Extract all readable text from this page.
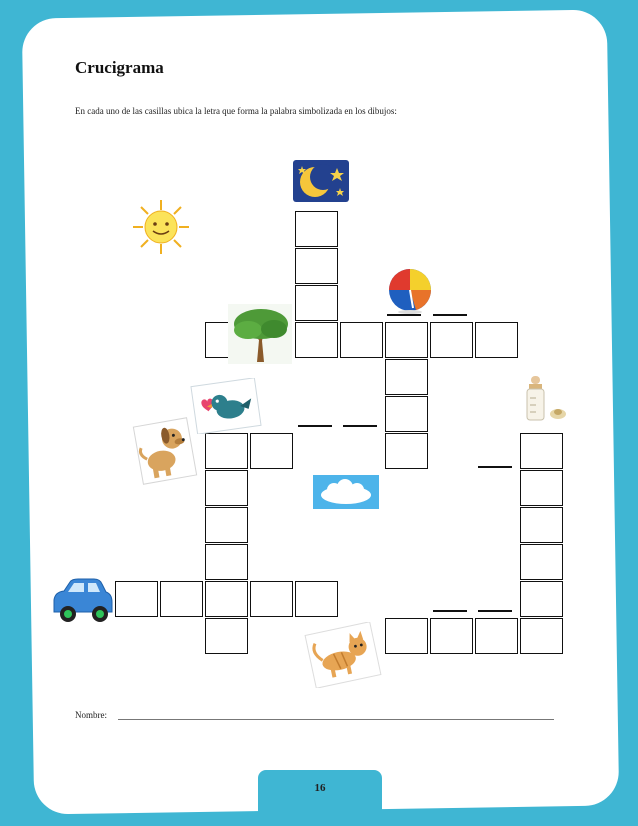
Crucigrama
En cada uno de las casillas ubica la letra que forma la palabra simbolizada en los dibujos:
Nombre:
16
